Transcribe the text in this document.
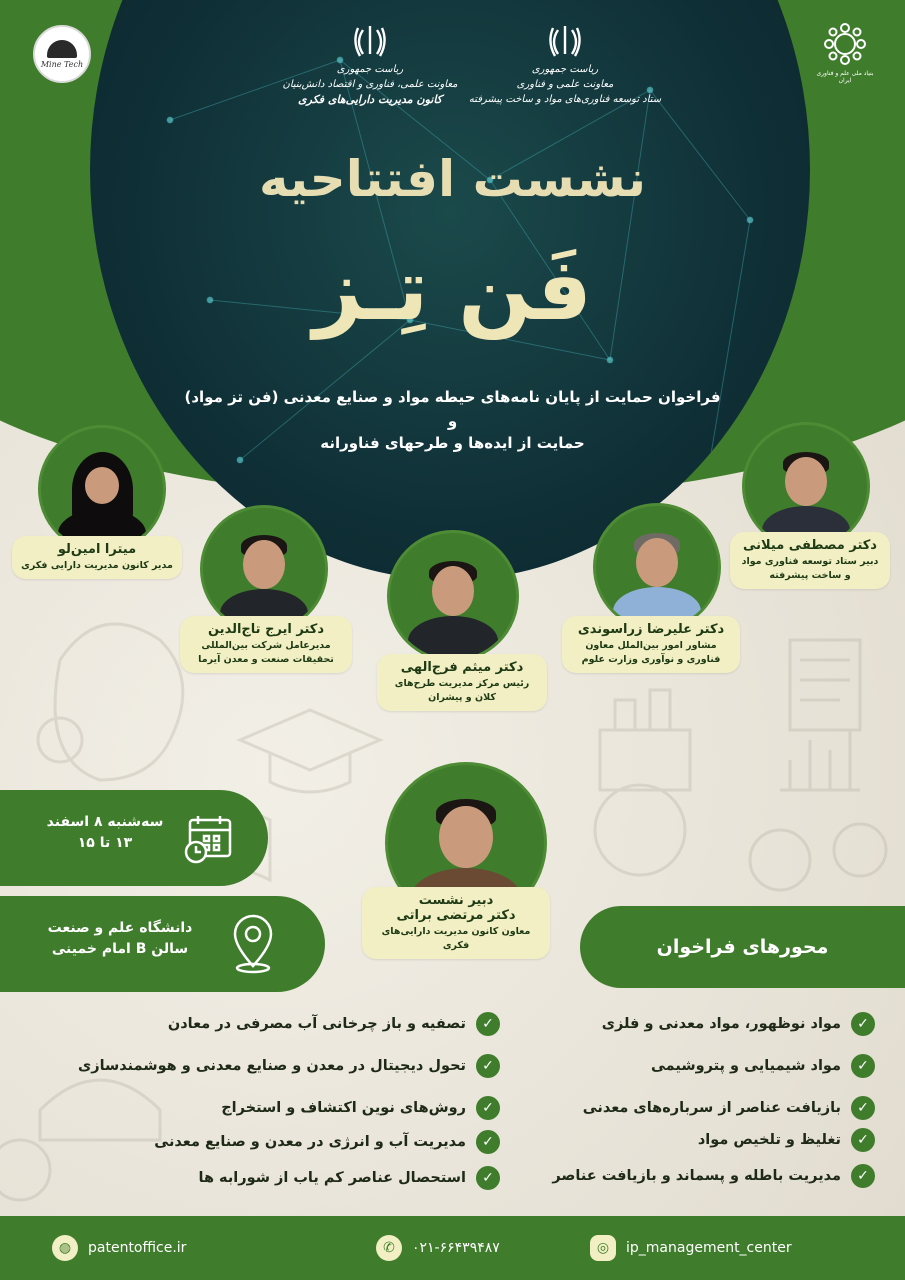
Mine Tech
بنیاد ملی علم و فناوری ایران
ریاست جمهوری
معاونت علمی، فناوری و اقتصاد دانش‌بنیان
کانون مدیریت دارایی‌های فکری
ریاست جمهوری
معاونت علمی و فناوری
ستاد توسعه فناوری‌های مواد و ساخت پیشرفته
نشست افتتاحیه
فَن تِـز
فراخوان حمایت از پایان نامه‌های حیطه مواد و صنایع معدنی (فن تز مواد)
و
حمایت از ایده‌ها و طرحهای فناورانه
میترا امین‌لو
مدیر کانون مدیریت دارایی فکری
دکتر ایرج تاج‌الدین
مدیرعامل شرکت بین‌المللی تحقیقات صنعت و معدن آیرما
دکتر میثم فرج‌الهی
رئیس مرکز مدیریت طرح‌های کلان و پیشران
دکتر علیرضا زراسوندی
مشاور امور بین‌الملل معاون فناوری و نوآوری وزارت علوم
دکتر مصطفی میلانی
دبیر ستاد توسعه فناوری مواد و ساخت پیشرفته
دبیر نشست
دکتر مرتضی براتی
معاون کانون مدیریت دارایی‌های فکری
سه‌شنبه ۸ اسفند
۱۳ تا ۱۵
دانشگاه علم و صنعت
سالن B امام خمینی	محورهای فراخوان
✓
مواد نوظهور، مواد معدنی و فلزی
✓
مواد شیمیایی و پتروشیمی
✓
بازیافت عناصر از سرباره‌های معدنی
✓
تغلیظ و تلخیص مواد
✓
مدیریت باطله و پسماند و بازیافت عناصر
✓
تصفیه و باز چرخانی آب مصرفی در معادن
✓
تحول دیجیتال در معدن و صنایع معدنی و هوشمندسازی
✓
روش‌های نوین اکتشاف و استخراج
✓
مدیریت آب و انرژی در معدن و صنایع معدنی
✓
استحصال عناصر کم یاب از شورابه ها
◍	patentoffice.ir	✆	۰۲۱-۶۶۴۳۹۴۸۷	◎	ip_management_center
